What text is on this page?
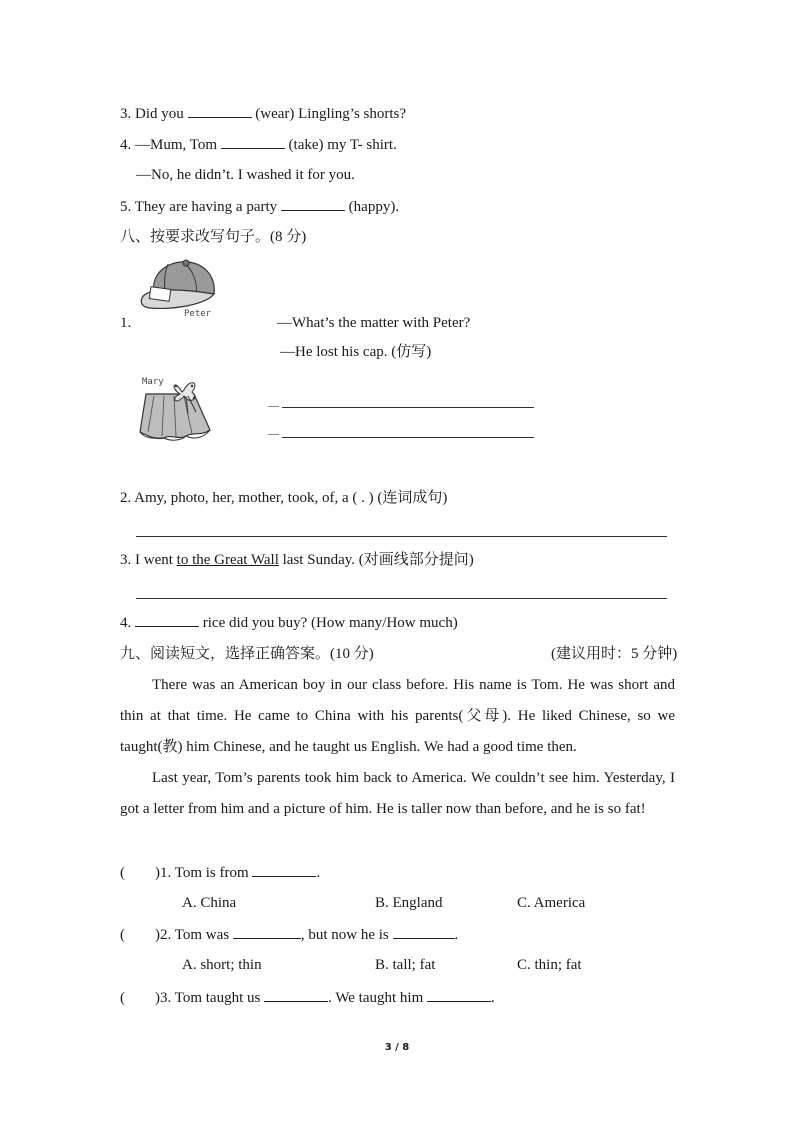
3. Did you	(wear) Lingling’s shorts?
4. —Mum, Tom	(take) my T- shirt.
—No, he didn’t. I washed it for you.
5. They are having a party	(happy).
八、按要求改写句子。(8 分)
Peter
1.	—What’s the matter with Peter?
—He lost his cap. (仿写)
Mary
—
—
2. Amy, photo, her, mother, took, of, a ( . ) (连词成句)
3. I went to the Great Wall last Sunday. (对画线部分提问)
4.	rice did you buy? (How many/How much)
九、阅读短文，选择正确答案。(10 分)	(建议用时：5 分钟)

There was an American boy in our class before. His name is Tom. He was short and thin at that time. He came to China with his parents(父母). He liked Chinese, so we taught(教) him Chinese, and he taught us English. We had a good time then.

Last year, Tom’s parents took him back to America. We couldn’t see him. Yesterday, I got a letter from him and a picture of him. He is taller now than before, and he is so fat!

( )1. Tom is from	.
A. China	B. England	C. America
( )2. Tom was	, but now he is	.
A. short; thin	B. tall; fat	C. thin; fat
( )3. Tom taught us	. We taught him	.
3 / 8
